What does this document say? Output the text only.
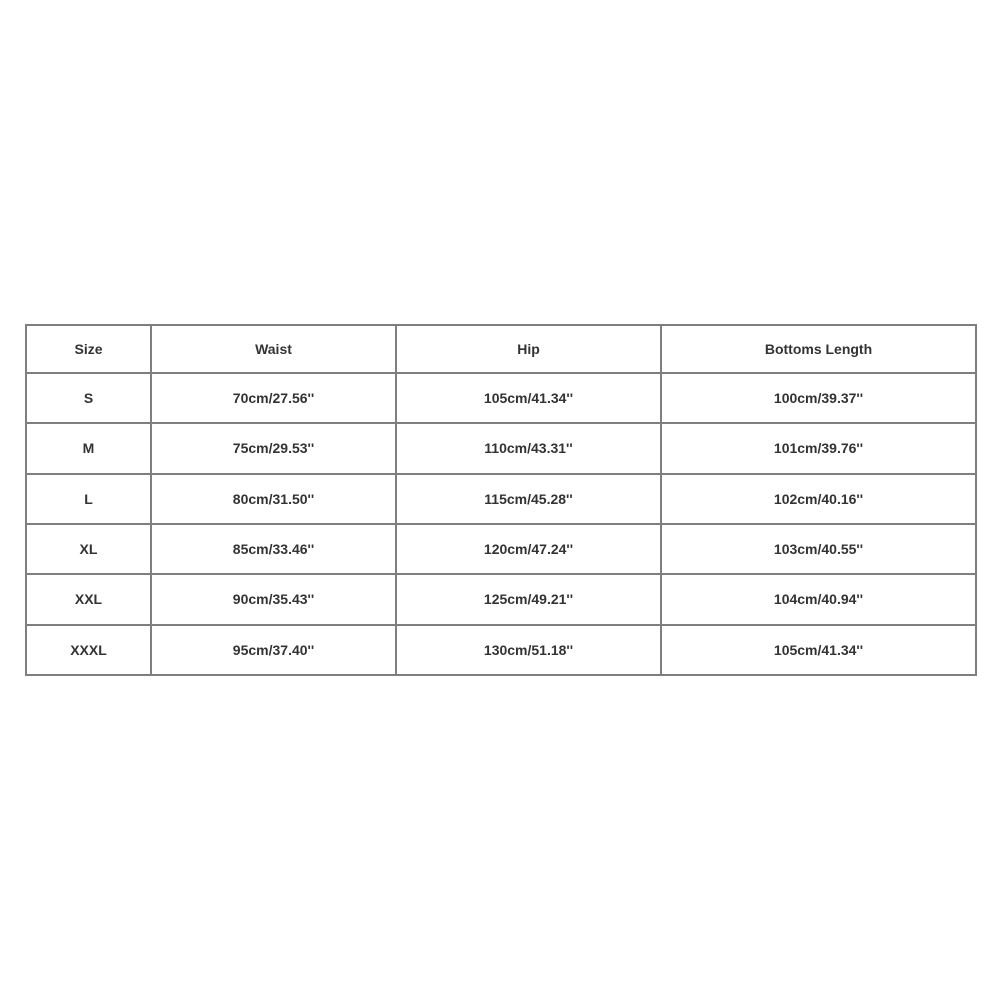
Size	Waist	Hip	Bottoms Length
S	70cm/27.56''	105cm/41.34''	100cm/39.37''
M	75cm/29.53''	110cm/43.31''	101cm/39.76''
L	80cm/31.50''	115cm/45.28''	102cm/40.16''
XL	85cm/33.46''	120cm/47.24''	103cm/40.55''
XXL	90cm/35.43''	125cm/49.21''	104cm/40.94''
XXXL	95cm/37.40''	130cm/51.18''	105cm/41.34''
